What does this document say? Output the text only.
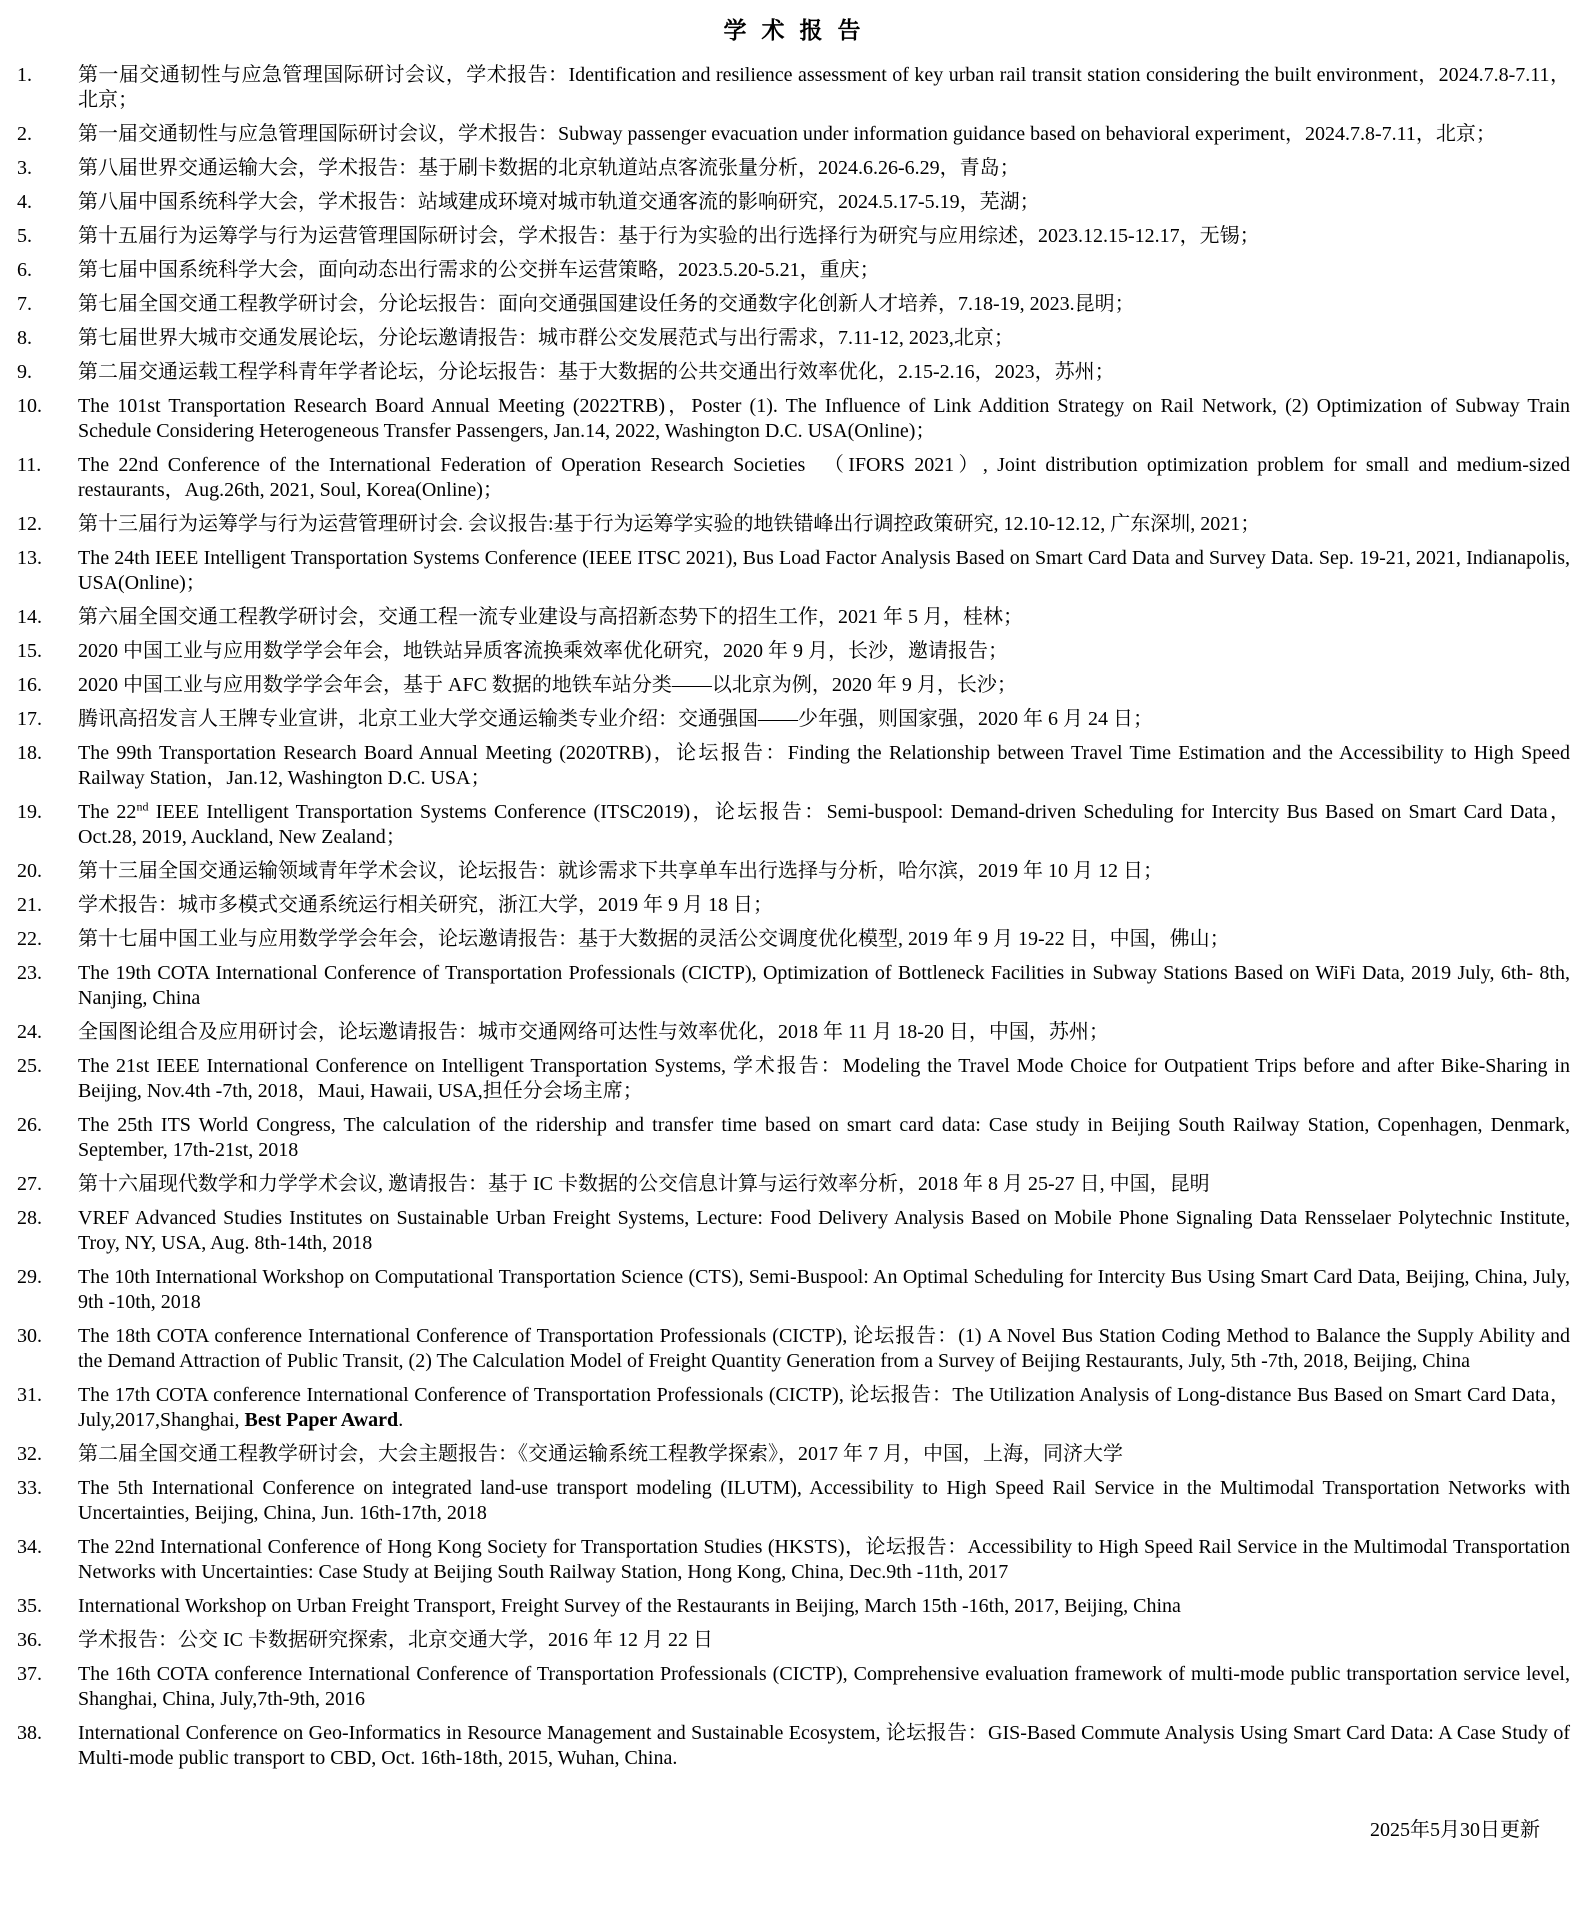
学术报告
1.	第一届交通韧性与应急管理国际研讨会议，学术报告：Identification and resilience assessment of key urban rail transit station considering the built environment，2024.7.8-7.11，北京；
2.	第一届交通韧性与应急管理国际研讨会议，学术报告：Subway passenger evacuation under information guidance based on behavioral experiment，2024.7.8-7.11，北京；
3.	第八届世界交通运输大会，学术报告：基于刷卡数据的北京轨道站点客流张量分析，2024.6.26-6.29，青岛；
4.	第八届中国系统科学大会，学术报告：站域建成环境对城市轨道交通客流的影响研究，2024.5.17-5.19，芜湖；
5.	第十五届行为运筹学与行为运营管理国际研讨会，学术报告：基于行为实验的出行选择行为研究与应用综述，2023.12.15-12.17，无锡；
6.	第七届中国系统科学大会，面向动态出行需求的公交拼车运营策略，2023.5.20-5.21，重庆；
7.	第七届全国交通工程教学研讨会，分论坛报告：面向交通强国建设任务的交通数字化创新人才培养，7.18-19, 2023.昆明；
8.	第七届世界大城市交通发展论坛，分论坛邀请报告：城市群公交发展范式与出行需求，7.11-12, 2023,北京；
9.	第二届交通运载工程学科青年学者论坛，分论坛报告：基于大数据的公共交通出行效率优化，2.15-2.16，2023，苏州；
10.	The 101st Transportation Research Board Annual Meeting (2022TRB)，Poster (1). The Influence of Link Addition Strategy on Rail Network, (2) Optimization of Subway Train Schedule Considering Heterogeneous Transfer Passengers, Jan.14, 2022, Washington D.C. USA(Online)；
11.	The 22nd Conference of the International Federation of Operation Research Societies　（IFORS 2021）, Joint distribution optimization problem for small and medium-sized restaurants，Aug.26th, 2021, Soul, Korea(Online)；
12.	第十三届行为运筹学与行为运营管理研讨会. 会议报告:基于行为运筹学实验的地铁错峰出行调控政策研究, 12.10-12.12, 广东深圳, 2021；
13.	The 24th IEEE Intelligent Transportation Systems Conference (IEEE ITSC 2021), Bus Load Factor Analysis Based on Smart Card Data and Survey Data. Sep. 19-21, 2021, Indianapolis, USA(Online)；
14.	第六届全国交通工程教学研讨会，交通工程一流专业建设与高招新态势下的招生工作，2021 年 5 月，桂林；
15.	2020 中国工业与应用数学学会年会，地铁站异质客流换乘效率优化研究，2020 年 9 月，长沙，邀请报告；
16.	2020 中国工业与应用数学学会年会，基于 AFC 数据的地铁车站分类——以北京为例，2020 年 9 月，长沙；
17.	腾讯高招发言人王牌专业宣讲，北京工业大学交通运输类专业介绍：交通强国——少年强，则国家强，2020 年 6 月 24 日；
18.	The 99th Transportation Research Board Annual Meeting (2020TRB)，论坛报告：Finding the Relationship between Travel Time Estimation and the Accessibility to High Speed Railway Station，Jan.12, Washington D.C. USA；
19.	The 22nd IEEE Intelligent Transportation Systems Conference (ITSC2019)，论坛报告：Semi-buspool: Demand-driven Scheduling for Intercity Bus Based on Smart Card Data，Oct.28, 2019, Auckland, New Zealand；
20.	第十三届全国交通运输领域青年学术会议，论坛报告：就诊需求下共享单车出行选择与分析，哈尔滨，2019 年 10 月 12 日；
21.	学术报告：城市多模式交通系统运行相关研究，浙江大学，2019 年 9 月 18 日；
22.	第十七届中国工业与应用数学学会年会，论坛邀请报告：基于大数据的灵活公交调度优化模型, 2019 年 9 月 19-22 日，中国，佛山；
23.	The 19th COTA International Conference of Transportation Professionals (CICTP), Optimization of Bottleneck Facilities in Subway Stations Based on WiFi Data, 2019 July, 6th- 8th, Nanjing, China
24.	全国图论组合及应用研讨会，论坛邀请报告：城市交通网络可达性与效率优化，2018 年 11 月 18-20 日，中国，苏州；
25.	The 21st IEEE International Conference on Intelligent Transportation Systems, 学术报告：Modeling the Travel Mode Choice for Outpatient Trips before and after Bike-Sharing in Beijing, Nov.4th -7th, 2018，Maui, Hawaii, USA,担任分会场主席；
26.	The 25th ITS World Congress, The calculation of the ridership and transfer time based on smart card data: Case study in Beijing South Railway Station, Copenhagen, Denmark, September, 17th-21st, 2018
27.	第十六届现代数学和力学学术会议, 邀请报告：基于 IC 卡数据的公交信息计算与运行效率分析，2018 年 8 月 25-27 日, 中国，昆明
28.	VREF Advanced Studies Institutes on Sustainable Urban Freight Systems, Lecture: Food Delivery Analysis Based on Mobile Phone Signaling Data Rensselaer Polytechnic Institute, Troy, NY, USA, Aug. 8th-14th, 2018
29.	The 10th International Workshop on Computational Transportation Science (CTS), Semi-Buspool: An Optimal Scheduling for Intercity Bus Using Smart Card Data, Beijing, China, July, 9th -10th, 2018
30.	The 18th COTA conference International Conference of Transportation Professionals (CICTP), 论坛报告：(1) A Novel Bus Station Coding Method to Balance the Supply Ability and the Demand Attraction of Public Transit, (2) The Calculation Model of Freight Quantity Generation from a Survey of Beijing Restaurants, July, 5th -7th, 2018, Beijing, China
31.	The 17th COTA conference International Conference of Transportation Professionals (CICTP), 论坛报告：The Utilization Analysis of Long-distance Bus Based on Smart Card Data，July,2017,Shanghai, Best Paper Award.
32.	第二届全国交通工程教学研讨会，大会主题报告：《交通运输系统工程教学探索》，2017 年 7 月，中国，上海，同济大学
33.	The 5th International Conference on integrated land-use transport modeling (ILUTM), Accessibility to High Speed Rail Service in the Multimodal Transportation Networks with Uncertainties, Beijing, China, Jun. 16th-17th, 2018
34.	The 22nd International Conference of Hong Kong Society for Transportation Studies (HKSTS)，论坛报告：Accessibility to High Speed Rail Service in the Multimodal Transportation Networks with Uncertainties: Case Study at Beijing South Railway Station, Hong Kong, China, Dec.9th -11th, 2017
35.	International Workshop on Urban Freight Transport, Freight Survey of the Restaurants in Beijing, March 15th -16th, 2017, Beijing, China
36.	学术报告：公交 IC 卡数据研究探索，北京交通大学，2016 年 12 月 22 日
37.	The 16th COTA conference International Conference of Transportation Professionals (CICTP), Comprehensive evaluation framework of multi-mode public transportation service level, Shanghai, China, July,7th-9th, 2016
38.	International Conference on Geo-Informatics in Resource Management and Sustainable Ecosystem, 论坛报告：GIS-Based Commute Analysis Using Smart Card Data: A Case Study of Multi-mode public transport to CBD, Oct. 16th-18th, 2015, Wuhan, China.
2025年5月30日更新
